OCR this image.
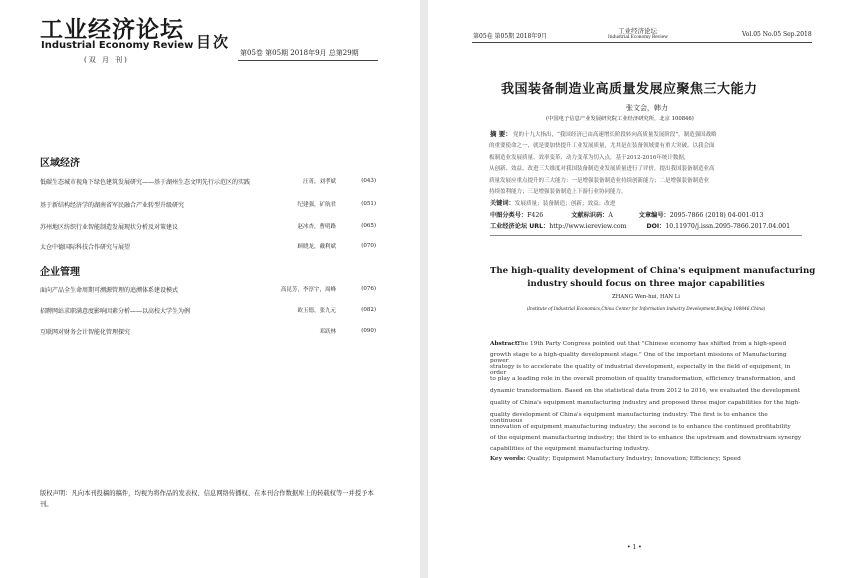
工业经济论坛
Industrial Economy Review
(双 月 刊)
目次
第05卷 第05期 2018年9月 总第29期
区域经济
低碳生态城市视角下绿色建筑发展研究——基于湖州生态文明先行示范区的实践	汪菁，刘孝斌	(043)
基于新结构经济学的湖南省军民融合产业转型升级研究	纪建强，矿航君	(051)
苏州地区纺织行业智能制造发展现状分析及对策建议	赵冰杏，曹明路	(065)
太仓中德国际科技合作研究与展望	顾晓龙，戴利斌	(070)
企业管理
面向产品全生命周期可溯源管理的追溯体系建设模式	高昆芳，李淳宇，周峰	(076)
招聘网站求职满意度影响因素分析——以高校大学生为例	欧玉德，张九元	(082)
互联网对财务会计智能化管理探究	邓跃林	(090)
版权声明：凡向本刊投稿的稿件，均视为将作品的发表权、信息网络传播权、在本刊合作数据库上的转载权等一并授予本刊。
第05卷 第05期 2018年9月
工业经济论坛
Industrial Economy Review	Vol.05 No.05 Sep.2018
我国装备制造业高质量发展应聚焦三大能力
张文会，韩力
(中国电子信息产业发展研究院工业经济研究所，北京 100846)
摘 要： 党的十九大指出，“我国经济已由高速增长阶段转向高质量发展阶段”。制造强国战略
的重要使命之一，就是要加快提升工业发展质量，尤其是在装备领域要有重大突破。以我会面
板制造业发展质量、效率变革、动力变革为切入点，基于2012-2016年统计数据，
从创新、效益、改进三大维度对我国装备制造业发展质量进行了评价，提出我国装备制造业高
质量发展应重点提升的三大能力：一是增强装备制造业持续创新能力；二是增强装备制造业
持续盈利能力；三是增强装备制造上下游行业协同能力。
关键词：发展质量；装备制造；创新；效益；改进
中图分类号：F426	文献标识码：A	文章编号：2095-7866 (2018) 04-001-013
工业经济论坛 URL：http://www.iereview.com	DOI：10.11970/j.issn.2095-7866.2017.04.001
The high-quality development of China's equipment manufacturing
industry should focus on three major capabilities
ZHANG Wen-hui, HAN Li
(Institute of Industrial Economics,China Center for Information Industry Development,Beijing 100846,China)
Abstract:
The 19th Party Congress pointed out that "Chinese economy has shifted from a high-speed
growth stage to a high-quality development stage." One of the important missions of Manufacturing power
strategy is to accelerate the quality of industrial development, especially in the field of equipment, in order
to play a leading role in the overall promotion of quality transformation, efficiency transformation, and
dynamic transformation. Based on the statistical data from 2012 to 2016, we evaluated the development
quality of China's equipment manufacturing industry and proposed three major capabilities for the high-
quality development of China's equipment manufacturing industry. The first is to enhance the continuous
innovation of equipment manufacturing industry; the second is to enhance the continued profitability
of the equipment manufacturing industry; the third is to enhance the upstream and downstream synergy
capabilities of the equipment manufacturing industry.
Key words: Quality; Equipment Manufactury Industry; Innovation; Efficiency; Speed
• 1 •
